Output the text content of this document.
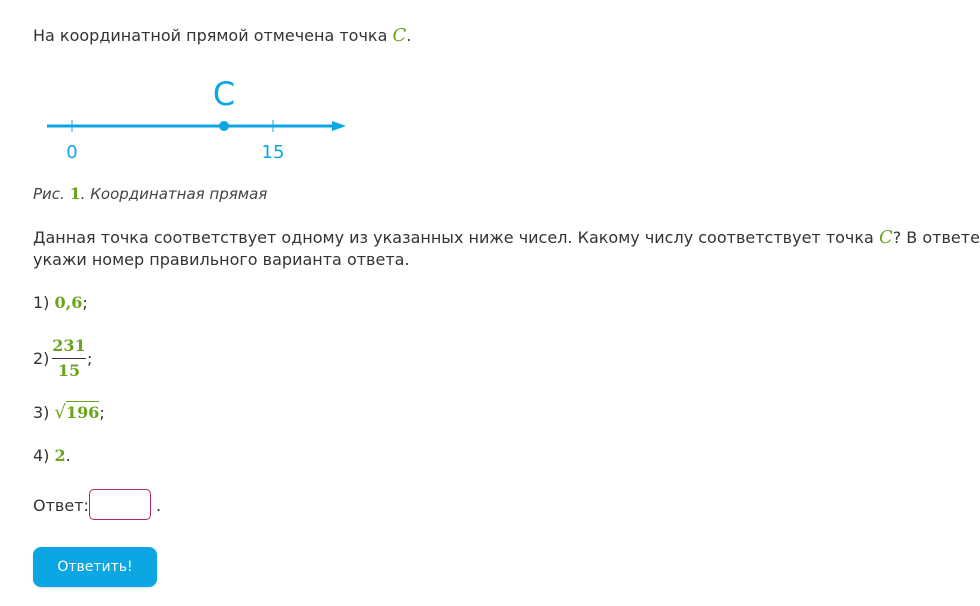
На координатной прямой отмечена точка C.
C
0	15
Рис. 1. Координатная прямая
Данная точка соответствует одному из указанных ниже чисел. Какому числу соответствует точка C? В ответе
укажи номер правильного варианта ответа.
1) 0,6;
2)
231
15
;
3) √196;
4) 2.
Ответ:	.
Ответить!
